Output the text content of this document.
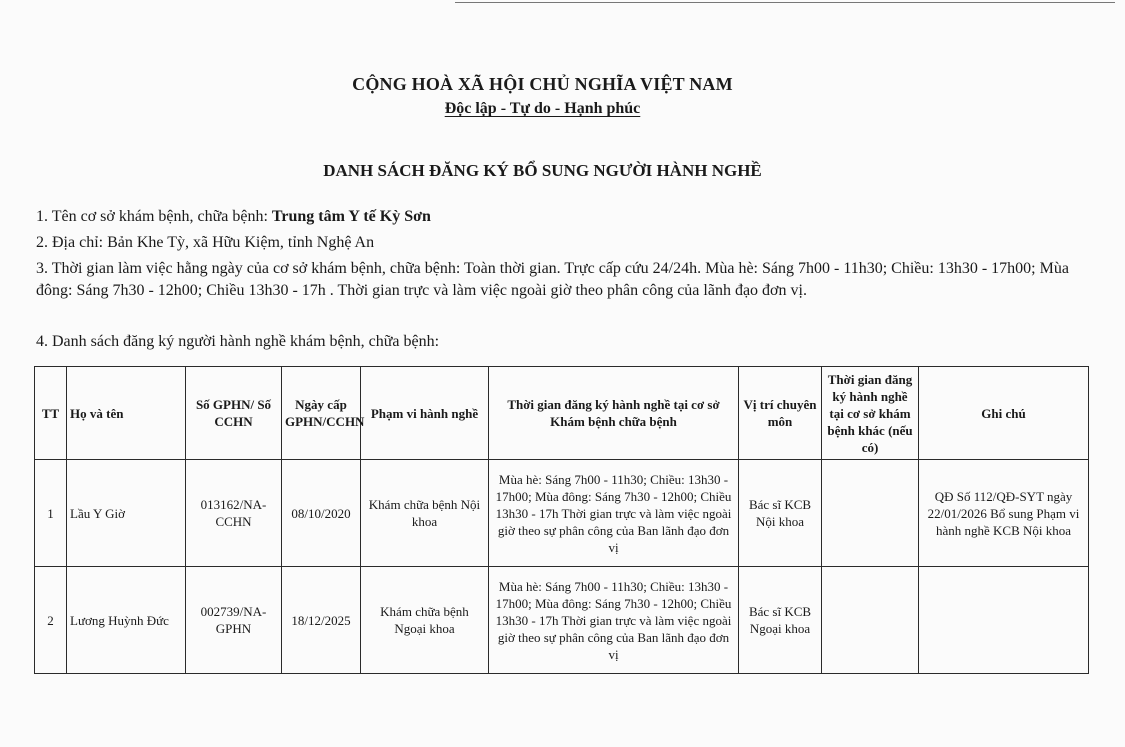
CỘNG HOÀ XÃ HỘI CHỦ NGHĨA VIỆT NAM
Độc lập - Tự do - Hạnh phúc
DANH SÁCH ĐĂNG KÝ BỔ SUNG NGƯỜI HÀNH NGHỀ
1. Tên cơ sở khám bệnh, chữa bệnh: Trung tâm Y tế Kỳ Sơn
2. Địa chỉ: Bản Khe Tỳ, xã Hữu Kiệm, tỉnh Nghệ An
3. Thời gian làm việc hằng ngày của cơ sở khám bệnh, chữa bệnh: Toàn thời gian. Trực cấp cứu 24/24h. Mùa hè: Sáng 7h00 - 11h30; Chiều: 13h30 - 17h00; Mùa đông: Sáng 7h30 - 12h00; Chiều 13h30 - 17h . Thời gian trực và làm việc ngoài giờ theo phân công của lãnh đạo đơn vị.
4. Danh sách đăng ký người hành nghề khám bệnh, chữa bệnh:
TT	Họ và tên	Số GPHN/ Số CCHN	Ngày cấp GPHN/CCHN	Phạm vi hành nghề	Thời gian đăng ký hành nghề tại cơ sở Khám bệnh chữa bệnh	Vị trí chuyên môn	Thời gian đăng ký hành nghề tại cơ sở khám bệnh khác (nếu có)	Ghi chú
1	Lầu Y Giờ	013162/NA-CCHN	08/10/2020	Khám chữa bệnh Nội khoa	Mùa hè: Sáng 7h00 - 11h30; Chiều: 13h30 - 17h00; Mùa đông: Sáng 7h30 - 12h00; Chiều 13h30 - 17h Thời gian trực và làm việc ngoài giờ theo sự phân công của Ban lãnh đạo đơn vị	Bác sĩ KCB Nội khoa		QĐ Số 112/QĐ-SYT ngày 22/01/2026 Bổ sung Phạm vi hành nghề KCB Nội khoa
2	Lương Huỳnh Đức	002739/NA-GPHN	18/12/2025	Khám chữa bệnh Ngoại khoa	Mùa hè: Sáng 7h00 - 11h30; Chiều: 13h30 - 17h00; Mùa đông: Sáng 7h30 - 12h00; Chiều 13h30 - 17h Thời gian trực và làm việc ngoài giờ theo sự phân công của Ban lãnh đạo đơn vị	Bác sĩ KCB Ngoại khoa		
